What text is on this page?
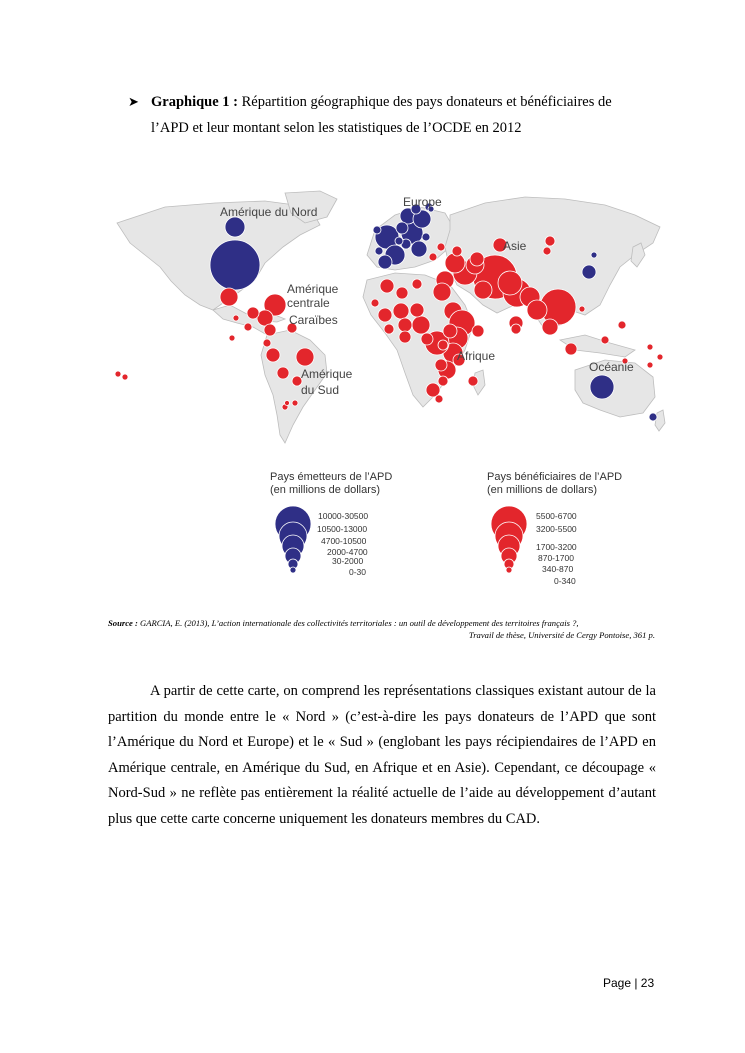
➤ Graphique 1 : Répartition géographique des pays donateurs et bénéficiaires de
l’APD et leur montant selon les statistiques de l’OCDE en 2012
Amérique du Nord
Europe
Asie
Amérique
centrale
Caraïbes
Afrique
Amérique
du Sud
Océanie
Pays émetteurs de l’APD
(en millions de dollars)
10000-30500
10500-13000
4700-10500
2000-4700
30-2000
0-30
Pays bénéficiaires de l’APD
(en millions de dollars)
5500-6700
3200-5500
1700-3200
870-1700
340-870
0-340
Source : GARCIA, E. (2013), L’action internationale des collectivités territoriales : un outil de développement des territoires français ?,
Travail de thèse, Université de Cergy Pontoise, 361 p.

A partir de cette carte, on comprend les représentations classiques existant autour de la partition du monde entre le « Nord » (c’est-à-dire les pays donateurs de l’APD que sont l’Amérique du Nord et Europe) et le « Sud » (englobant les pays récipiendaires de l’APD en Amérique centrale, en Amérique du Sud, en Afrique et en Asie). Cependant, ce découpage « Nord-Sud » ne reflète pas entièrement la réalité actuelle de l’aide au développement d’autant plus que cette carte concerne uniquement les donateurs membres du CAD.

Page | 23
